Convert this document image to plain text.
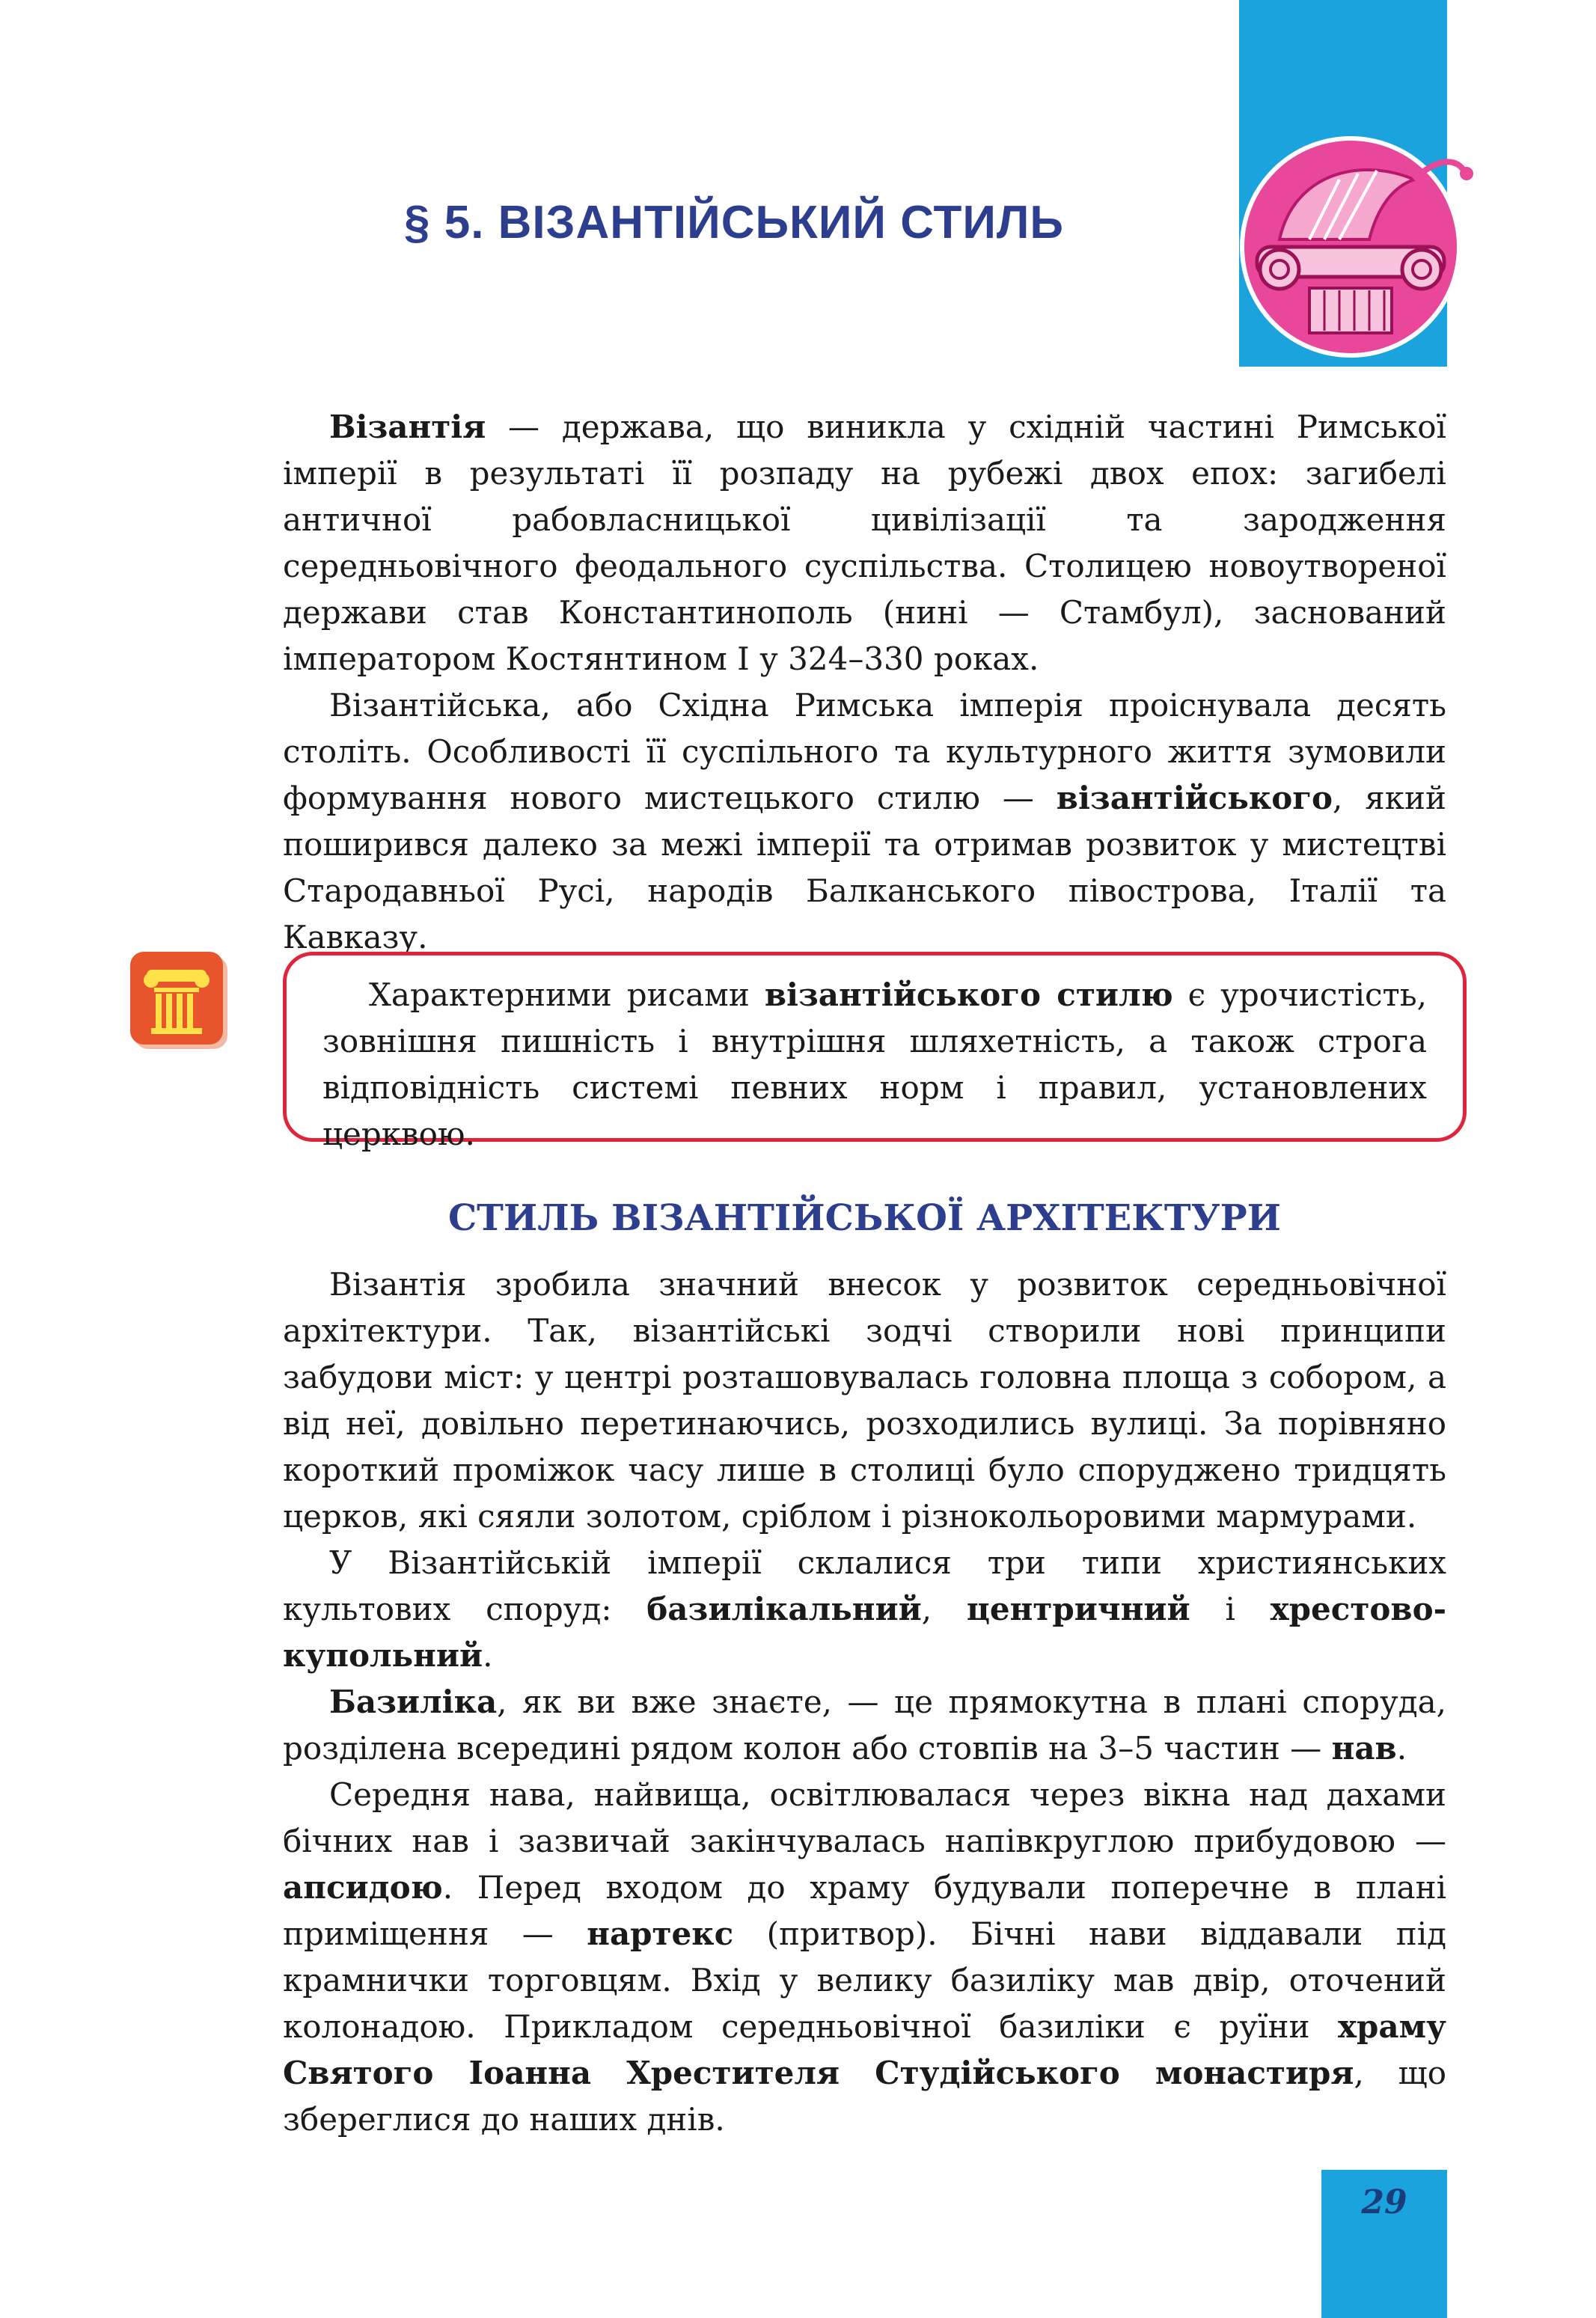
§ 5. ВІЗАНТІЙСЬКИЙ СТИЛЬ

Візантія — держава, що виникла у східній частині Римської імперії в результаті її розпаду на рубежі двох епох: загибелі античної рабовласницької цивілізації та зародження середньовічного феодального суспільства. Столицею новоутвореної держави став Константинополь (нині — Стамбул), заснований імператором Костянтином I у 324–330 роках.

Візантійська, або Східна Римська імперія проіснувала десять століть. Особливості її суспільного та культурного життя зумовили формування нового мистецького стилю — візантійського, який поширився далеко за межі імперії та отримав розвиток у мистецтві Стародавньої Русі, народів Балканського півострова, Італії та Кавказу.

Характерними рисами візантійського стилю є урочистість, зовнішня пишність і внутрішня шляхетність, а також строга відповідність системі певних норм і правил, установлених церквою.

СТИЛЬ ВІЗАНТІЙСЬКОЇ АРХІТЕКТУРИ

Візантія зробила значний внесок у розвиток середньовічної архітектури. Так, візантійські зодчі створили нові принципи забудови міст: у центрі розташовувалась головна площа з собором, а від неї, довільно перетинаючись, розходились вулиці. За порівняно короткий проміжок часу лише в столиці було споруджено тридцять церков, які сяяли золотом, сріблом і різнокольоровими мармурами.

У Візантійській імперії склалися три типи християнських культових споруд: базилікальний, центричний і хрестово-купольний.

Базиліка, як ви вже знаєте, — це прямокутна в плані споруда, розділена всередині рядом колон або стовпів на 3–5 частин — нав.

Середня нава, найвища, освітлювалася через вікна над дахами бічних нав і зазвичай закінчувалась напівкруглою прибудовою — апсидою. Перед входом до храму будували поперечне в плані приміщення — нартекс (притвор). Бічні нави віддавали під крамнички торговцям. Вхід у велику базиліку мав двір, оточений колонадою. Прикладом середньовічної базиліки є руїни храму Святого Іоанна Хрестителя Студійського монастиря, що збереглися до наших днів.

29
